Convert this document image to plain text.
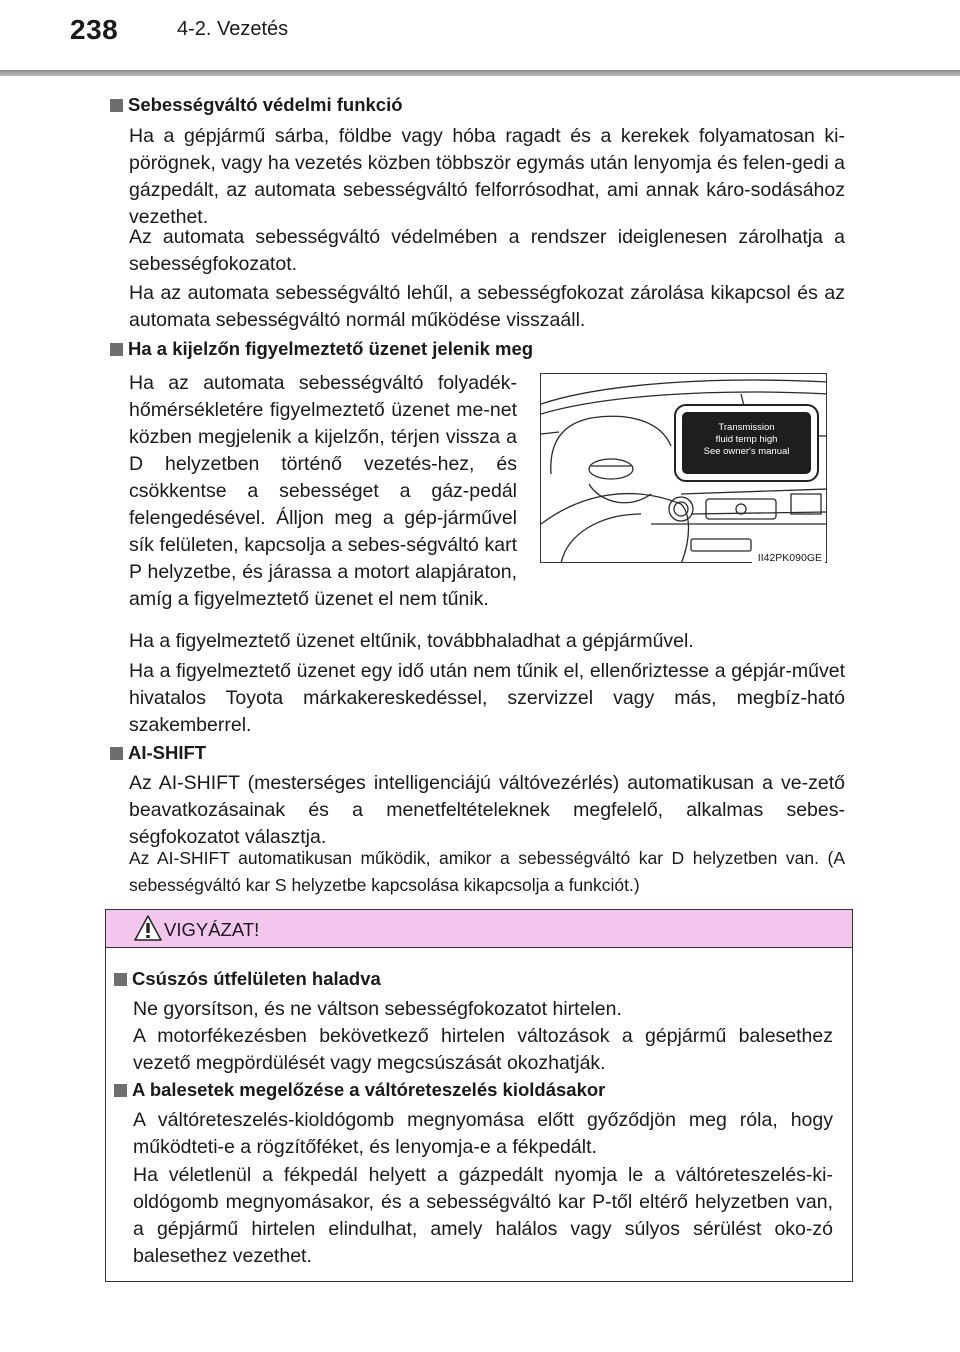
238	4-2. Vezetés
Sebességváltó védelmi funkció
Ha a gépjármű sárba, földbe vagy hóba ragadt és a kerekek folyamatosan ki-pörögnek, vagy ha vezetés közben többször egymás után lenyomja és felen-gedi a gázpedált, az automata sebességváltó felforrósodhat, ami annak káro-sodásához vezethet.
Az automata sebességváltó védelmében a rendszer ideiglenesen zárolhatja a sebességfokozatot.
Ha az automata sebességváltó lehűl, a sebességfokozat zárolása kikapcsol és az automata sebességváltó normál működése visszaáll.
Ha a kijelzőn figyelmeztető üzenet jelenik meg
Ha az automata sebességváltó folyadék-hőmérsékletére figyelmeztető üzenet me-net közben megjelenik a kijelzőn, térjen vissza a D helyzetben történő vezetés-hez, és csökkentse a sebességet a gáz-pedál felengedésével. Álljon meg a gép-járművel sík felületen, kapcsolja a sebes-ségváltó kart P helyzetbe, és járassa a motort alapjáraton, amíg a figyelmeztető üzenet el nem tűnik.
Transmission
fluid temp high
See owner's manual
II42PK090GE
Ha a figyelmeztető üzenet eltűnik, továbbhaladhat a gépjárművel.
Ha a figyelmeztető üzenet egy idő után nem tűnik el, ellenőriztesse a gépjár-művet hivatalos Toyota márkakereskedéssel, szervizzel vagy más, megbíz-ható szakemberrel.
AI-SHIFT
Az AI-SHIFT (mesterséges intelligenciájú váltóvezérlés) automatikusan a ve-zető beavatkozásainak és a menetfeltételeknek megfelelő, alkalmas sebes-ségfokozatot választja.
Az AI-SHIFT automatikusan működik, amikor a sebességváltó kar D helyzetben van. (A sebességváltó kar S helyzetbe kapcsolása kikapcsolja a funkciót.)
VIGYÁZAT!
Csúszós útfelületen haladva
Ne gyorsítson, és ne váltson sebességfokozatot hirtelen.
A motorfékezésben bekövetkező hirtelen változások a gépjármű balesethez vezető megpördülését vagy megcsúszását okozhatják.
A balesetek megelőzése a váltóreteszelés kioldásakor
A váltóreteszelés-kioldógomb megnyomása előtt győződjön meg róla, hogy működteti-e a rögzítőféket, és lenyomja-e a fékpedált.
Ha véletlenül a fékpedál helyett a gázpedált nyomja le a váltóreteszelés-ki-oldógomb megnyomásakor, és a sebességváltó kar P-től eltérő helyzetben van, a gépjármű hirtelen elindulhat, amely halálos vagy súlyos sérülést oko-zó balesethez vezethet.
